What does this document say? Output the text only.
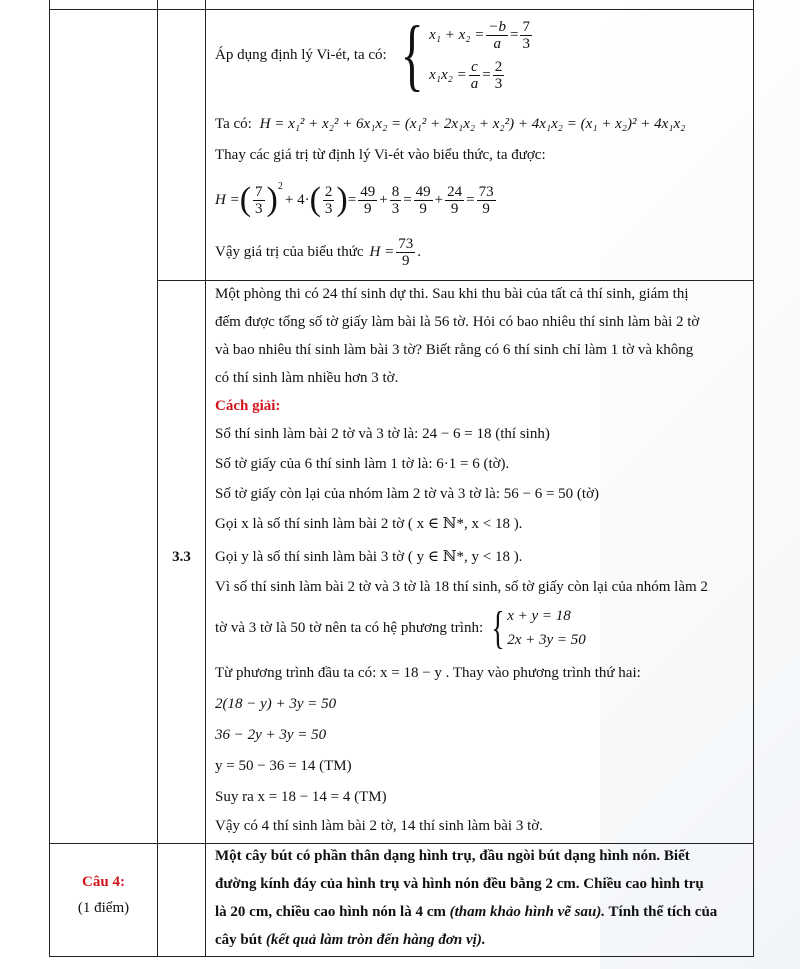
Áp dụng định lý Vi-ét, ta có: { $x_1 + x_2 = \frac{-b}{a} = \frac{7}{3}$
$x_1x_2 = \frac{c}{a} = \frac{2}{3}$
Ta có: H = x₁² + x₂² + 6x₁x₂ = (x₁² + 2x₁x₂ + x₂²) + 4x₁x₂ = (x₁ + x₂)² + 4x₁x₂
Thay các giá trị từ định lý Vi-ét vào biểu thức, ta được:
H = ( $\frac{7}{3} )^2$
+ 4· ( $\frac{2}{3}$ ) = $\frac{49}{9} + \frac{8}{3} = \frac{49}{9} + \frac{24}{9} = \frac{73}{9}$
Vậy giá trị của biểu thức $H = \frac{73}{9}$ .
3.3
Một phòng thi có 24 thí sinh dự thi. Sau khi thu bài của tất cả thí sinh, giám thị
đếm được tổng số tờ giấy làm bài là 56 tờ. Hỏi có bao nhiêu thí sinh làm bài 2 tờ
và bao nhiêu thí sinh làm bài 3 tờ? Biết rằng có 6 thí sinh chỉ làm 1 tờ và không
có thí sinh làm nhiều hơn 3 tờ.
Cách giải:
Số thí sinh làm bài 2 tờ và 3 tờ là: 24 − 6 = 18 (thí sinh)
Số tờ giấy của 6 thí sinh làm 1 tờ là: 6·1 = 6 (tờ).
Số tờ giấy còn lại của nhóm làm 2 tờ và 3 tờ là: 56 − 6 = 50 (tờ)
Gọi x là số thí sinh làm bài 2 tờ ( x ∈ ℕ*, x < 18 ).
Gọi y là số thí sinh làm bài 3 tờ ( y ∈ ℕ*, y < 18 ).
Vì số thí sinh làm bài 2 tờ và 3 tờ là 18 thí sinh, số tờ giấy còn lại của nhóm làm 2
tờ và 3 tờ là 50 tờ nên ta có hệ phương trình: { x + y = 18
2x + 3y = 50
Từ phương trình đầu ta có: x = 18 − y . Thay vào phương trình thứ hai:
2(18 − y) + 3y = 50
36 − 2y + 3y = 50
y = 50 − 36 = 14 (TM)
Suy ra x = 18 − 14 = 4 (TM)
Vậy có 4 thí sinh làm bài 2 tờ, 14 thí sinh làm bài 3 tờ.
Câu 4:
(1 điểm)
Một cây bút có phần thân dạng hình trụ, đầu ngòi bút dạng hình nón. Biết
đường kính đáy của hình trụ và hình nón đều bằng 2 cm. Chiều cao hình trụ
là 20 cm, chiều cao hình nón là 4 cm (tham khảo hình vẽ sau). Tính thể tích của
cây bút (kết quả làm tròn đến hàng đơn vị).
